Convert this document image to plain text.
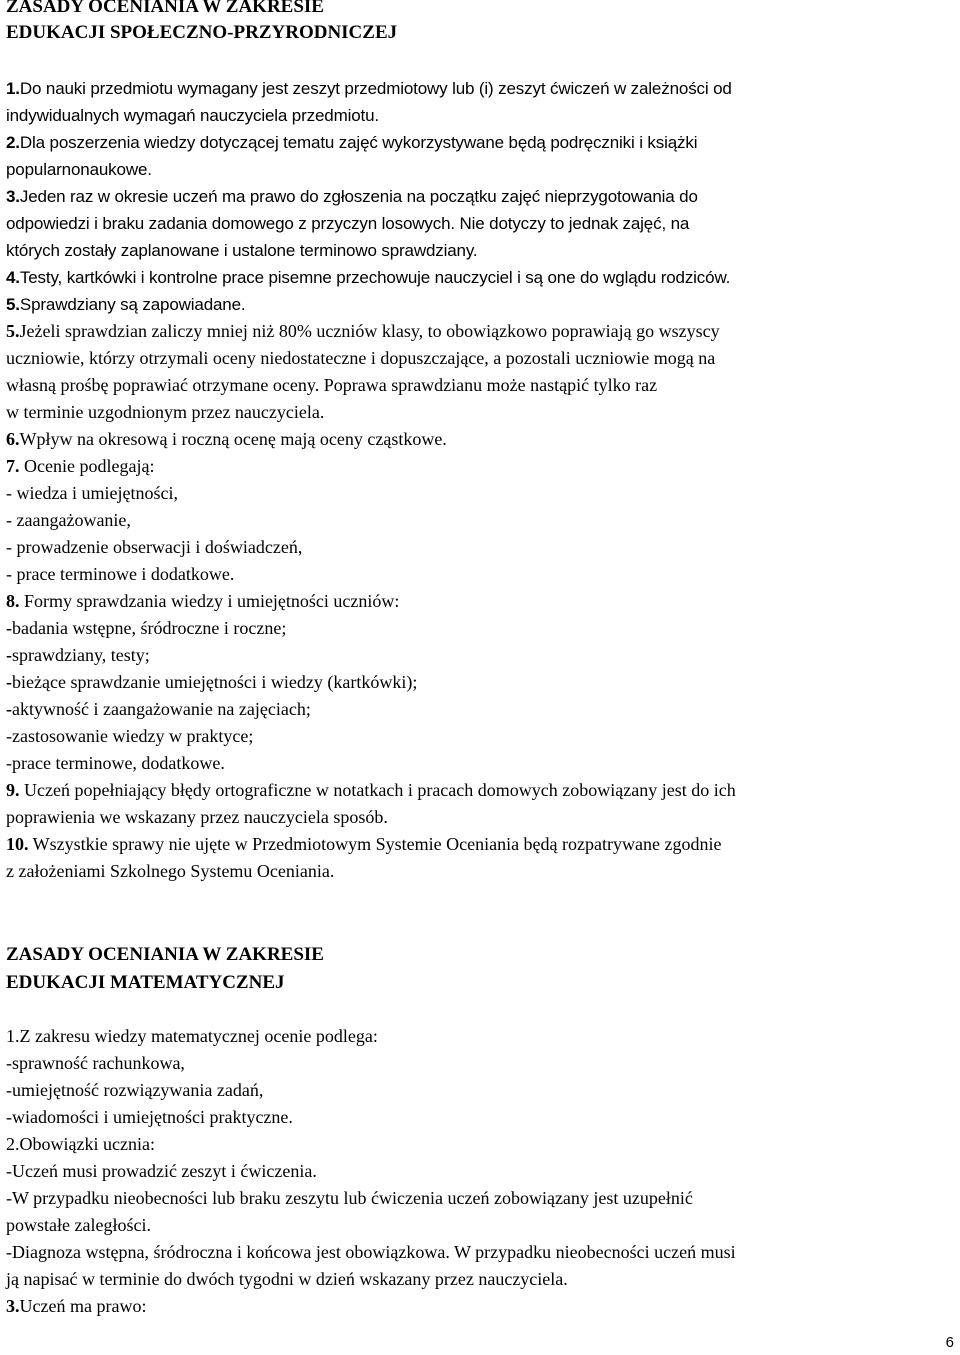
ZASADY OCENIANIA W ZAKRESIE
EDUKACJI SPOŁECZNO-PRZYRODNICZEJ
1.Do nauki przedmiotu wymagany jest zeszyt przedmiotowy lub (i) zeszyt ćwiczeń w zależności od
indywidualnych wymagań nauczyciela przedmiotu.
2.Dla poszerzenia wiedzy dotyczącej tematu zajęć wykorzystywane będą podręczniki i książki
popularnonaukowe.
3.Jeden raz w okresie uczeń ma prawo do zgłoszenia na początku zajęć nieprzygotowania do
odpowiedzi i braku zadania domowego z przyczyn losowych. Nie dotyczy to jednak zajęć, na
których zostały zaplanowane i ustalone terminowo sprawdziany.
4.Testy, kartkówki i kontrolne prace pisemne przechowuje nauczyciel i są one do wglądu rodziców.
5.Sprawdziany są zapowiadane.
5.Jeżeli sprawdzian zaliczy mniej niż 80% uczniów klasy, to obowiązkowo poprawiają go wszyscy
uczniowie, którzy otrzymali oceny niedostateczne i dopuszczające, a pozostali uczniowie mogą na
własną prośbę poprawiać otrzymane oceny. Poprawa sprawdzianu może nastąpić tylko raz
w terminie uzgodnionym przez nauczyciela.
6.Wpływ na okresową i roczną ocenę mają oceny cząstkowe.
7. Ocenie podlegają:
- wiedza i umiejętności,
- zaangażowanie,
- prowadzenie obserwacji i doświadczeń,
- prace terminowe i dodatkowe.
8. Formy sprawdzania wiedzy i umiejętności uczniów:
-badania wstępne, śródroczne i roczne;
-sprawdziany, testy;
-bieżące sprawdzanie umiejętności i wiedzy (kartkówki);
-aktywność i zaangażowanie na zajęciach;
-zastosowanie wiedzy w praktyce;
-prace terminowe, dodatkowe.
9. Uczeń popełniający błędy ortograficzne w notatkach i pracach domowych zobowiązany jest do ich
poprawienia we wskazany przez nauczyciela sposób.
10. Wszystkie sprawy nie ujęte w Przedmiotowym Systemie Oceniania będą rozpatrywane zgodnie
z założeniami Szkolnego Systemu Oceniania.
ZASADY OCENIANIA W ZAKRESIE
EDUKACJI MATEMATYCZNEJ
1.Z zakresu wiedzy matematycznej ocenie podlega:
-sprawność rachunkowa,
-umiejętność rozwiązywania zadań,
-wiadomości i umiejętności praktyczne.
2.Obowiązki ucznia:
-Uczeń musi prowadzić zeszyt i ćwiczenia.
-W przypadku nieobecności lub braku zeszytu lub ćwiczenia uczeń zobowiązany jest uzupełnić
powstałe zaległości.
-Diagnoza wstępna, śródroczna i końcowa jest obowiązkowa. W przypadku nieobecności uczeń musi
ją napisać w terminie do dwóch tygodni w dzień wskazany przez nauczyciela.
3.Uczeń ma prawo:
6
